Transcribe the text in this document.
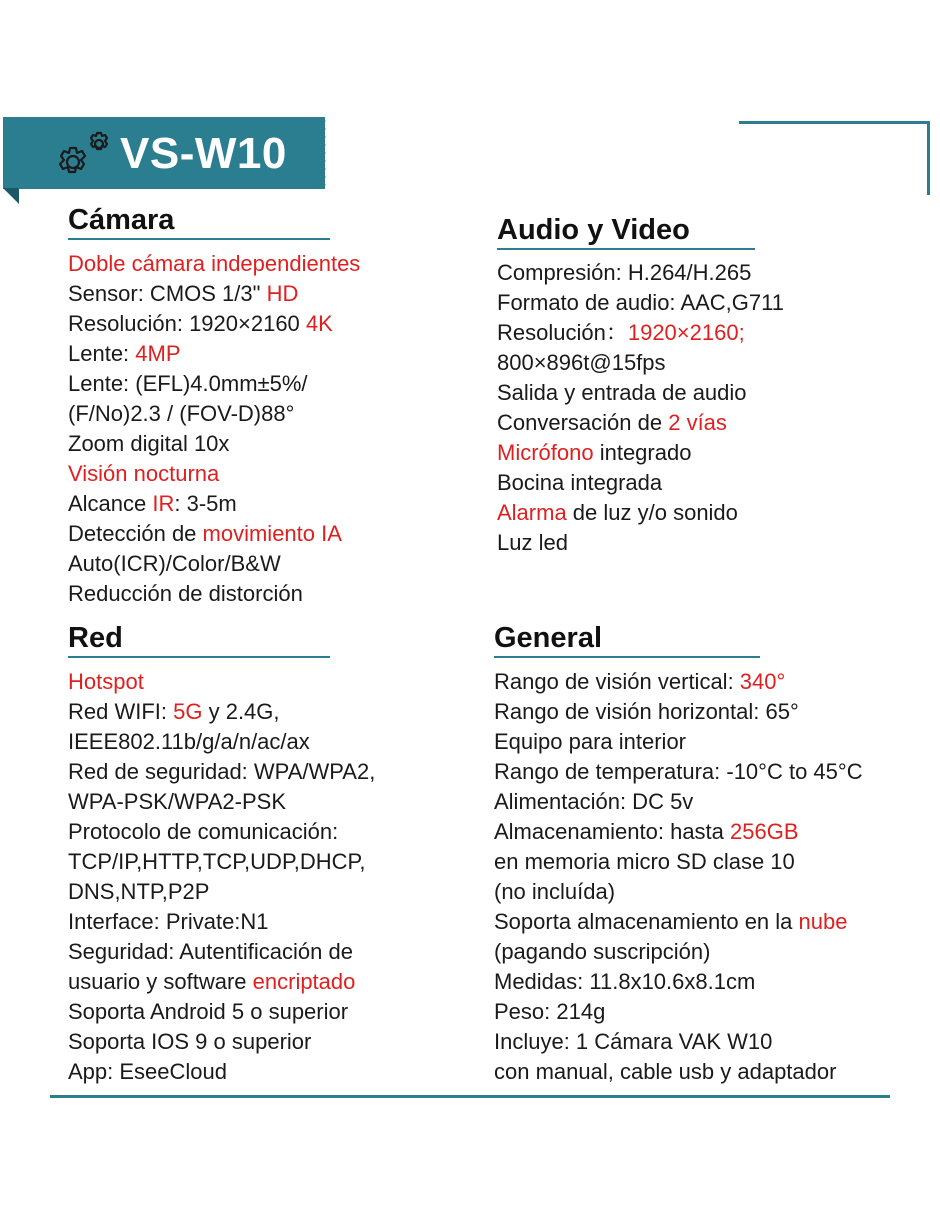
VS-W10
Cámara
Doble cámara independientes
Sensor: CMOS 1/3" HD
Resolución: 1920×2160 4K
Lente: 4MP
Lente: (EFL)4.0mm±5%/
(F/No)2.3 / (FOV-D)88°
Zoom digital 10x
Visión nocturna
Alcance IR: 3-5m
Detección de movimiento IA
Auto(ICR)/Color/B&W
Reducción de distorción
Audio y Video
Compresión: H.264/H.265
Formato de audio: AAC,G711
Resolución：1920×2160;
800×896t@15fps
Salida y entrada de audio
Conversación de 2 vías
Micrófono integrado
Bocina integrada
Alarma de luz y/o sonido
Luz led
Red
Hotspot
Red WIFI: 5G y 2.4G,
IEEE802.11b/g/a/n/ac/ax
Red de seguridad: WPA/WPA2,
WPA-PSK/WPA2-PSK
Protocolo de comunicación:
TCP/IP,HTTP,TCP,UDP,DHCP,
DNS,NTP,P2P
Interface: Private:N1
Seguridad: Autentificación de
usuario y software encriptado
Soporta Android 5 o superior
Soporta IOS 9 o superior
App: EseeCloud
General
Rango de visión vertical: 340°
Rango de visión horizontal: 65°
Equipo para interior
Rango de temperatura: -10°C to 45°C
Alimentación: DC 5v
Almacenamiento: hasta 256GB
en memoria micro SD clase 10
(no incluída)
Soporta almacenamiento en la nube
(pagando suscripción)
Medidas: 11.8x10.6x8.1cm
Peso: 214g
Incluye: 1 Cámara VAK W10
con manual, cable usb y adaptador
